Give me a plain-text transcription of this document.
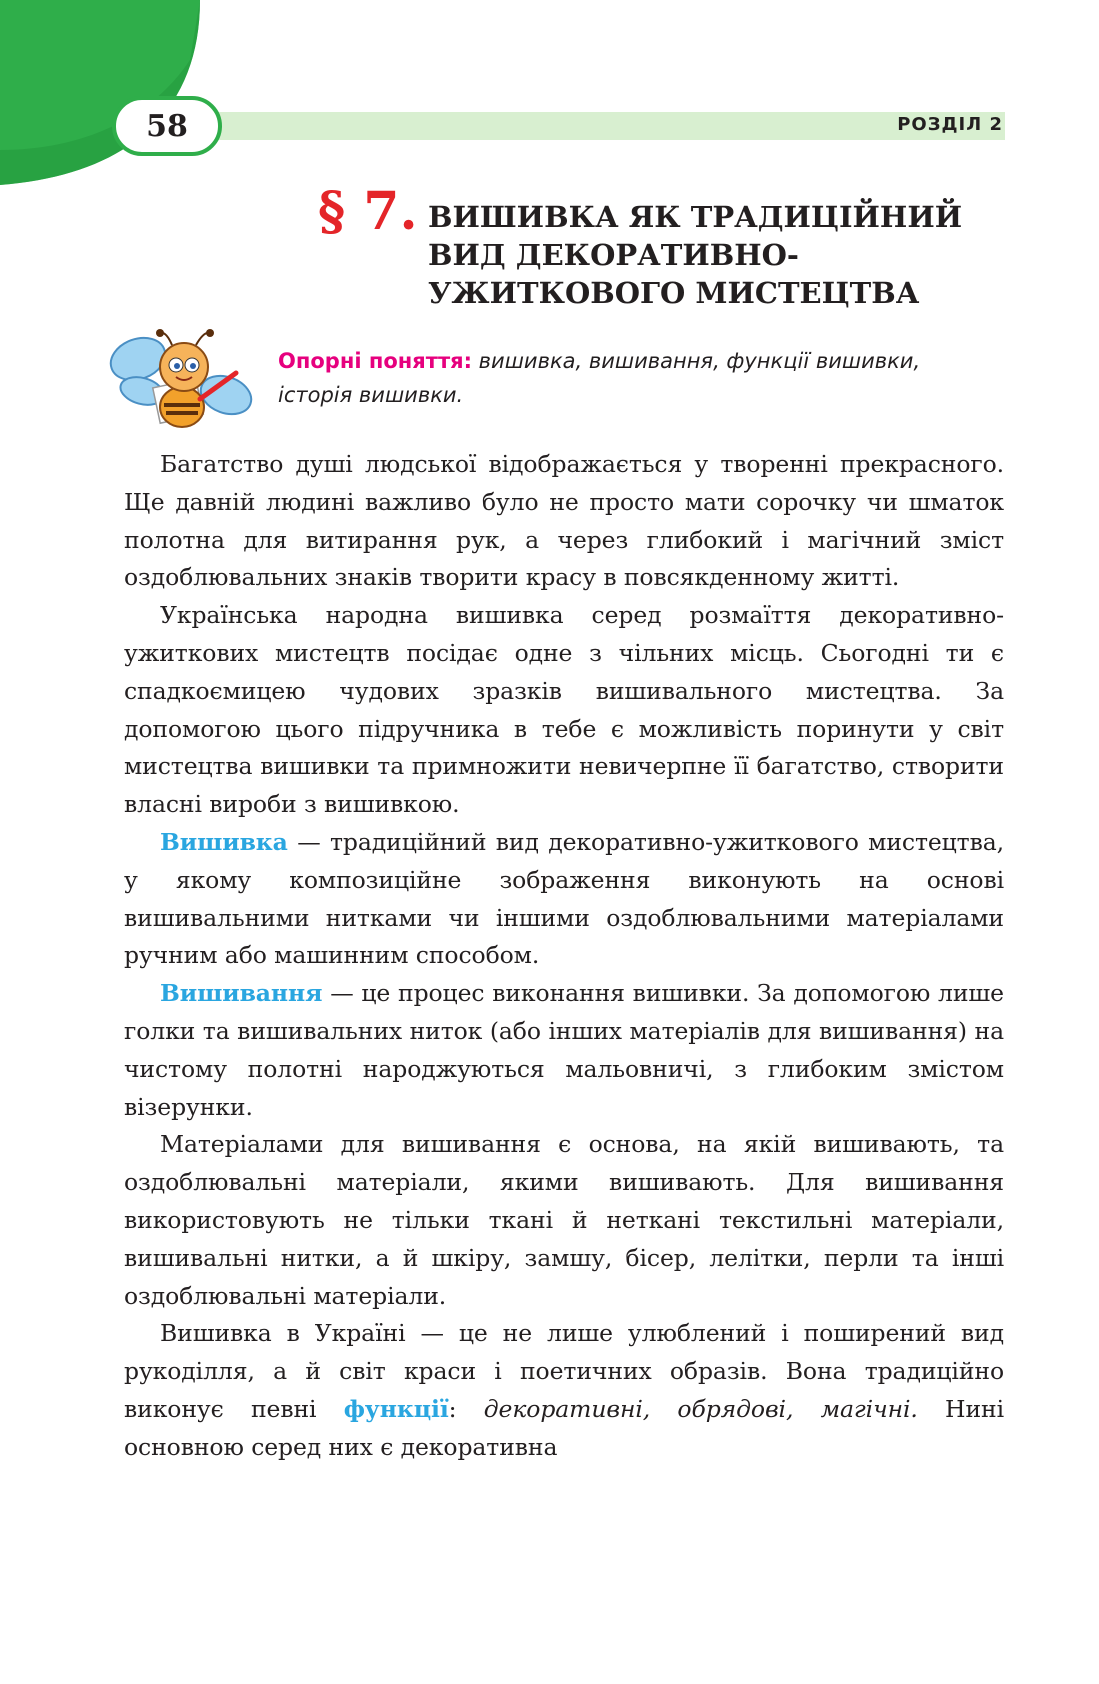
58	РОЗДІЛ 2
§ 7. ВИШИВКА ЯК ТРАДИЦІЙНИЙ
ВИД ДЕКОРАТИВНО-
УЖИТКОВОГО МИСТЕЦТВА
Опорні поняття: вишивка, вишивання, функції вишивки, історія вишивки.

Багатство душі людської відображається у творенні прекрасного. Ще давній людині важливо було не просто мати сорочку чи шматок полотна для витирання рук, а через глибокий і магічний зміст оздоблювальних знаків творити красу в повсякденному житті.

Українська народна вишивка серед розмаїття декоративно-ужиткових мистецтв посідає одне з чільних місць. Сьогодні ти є спадкоємицею чудових зразків вишивального мистецтва. За допомогою цього підручника в тебе є можливість поринути у світ мистецтва вишивки та примножити невичерпне її багатство, створити власні вироби з вишивкою.

Вишивка — традиційний вид декоративно-ужиткового мистецтва, у якому композиційне зображення виконують на основі вишивальними нитками чи іншими оздоблювальними матеріалами ручним або машинним способом.

Вишивання — це процес виконання вишивки. За допомогою лише голки та вишивальних ниток (або інших матеріалів для вишивання) на чистому полотні народжуються мальовничі, з глибоким змістом візерунки.

Матеріалами для вишивання є основа, на якій вишивають, та оздоблювальні матеріали, якими вишивають. Для вишивання використовують не тільки ткані й неткані текстильні матеріали, вишивальні нитки, а й шкіру, замшу, бісер, лелітки, перли та інші оздоблювальні матеріали.

Вишивка в Україні — це не лише улюблений і поширений вид рукоділля, а й світ краси і поетичних образів. Вона традиційно виконує певні функції: декоративні, обрядові, магічні. Нині основною серед них є декоративна
